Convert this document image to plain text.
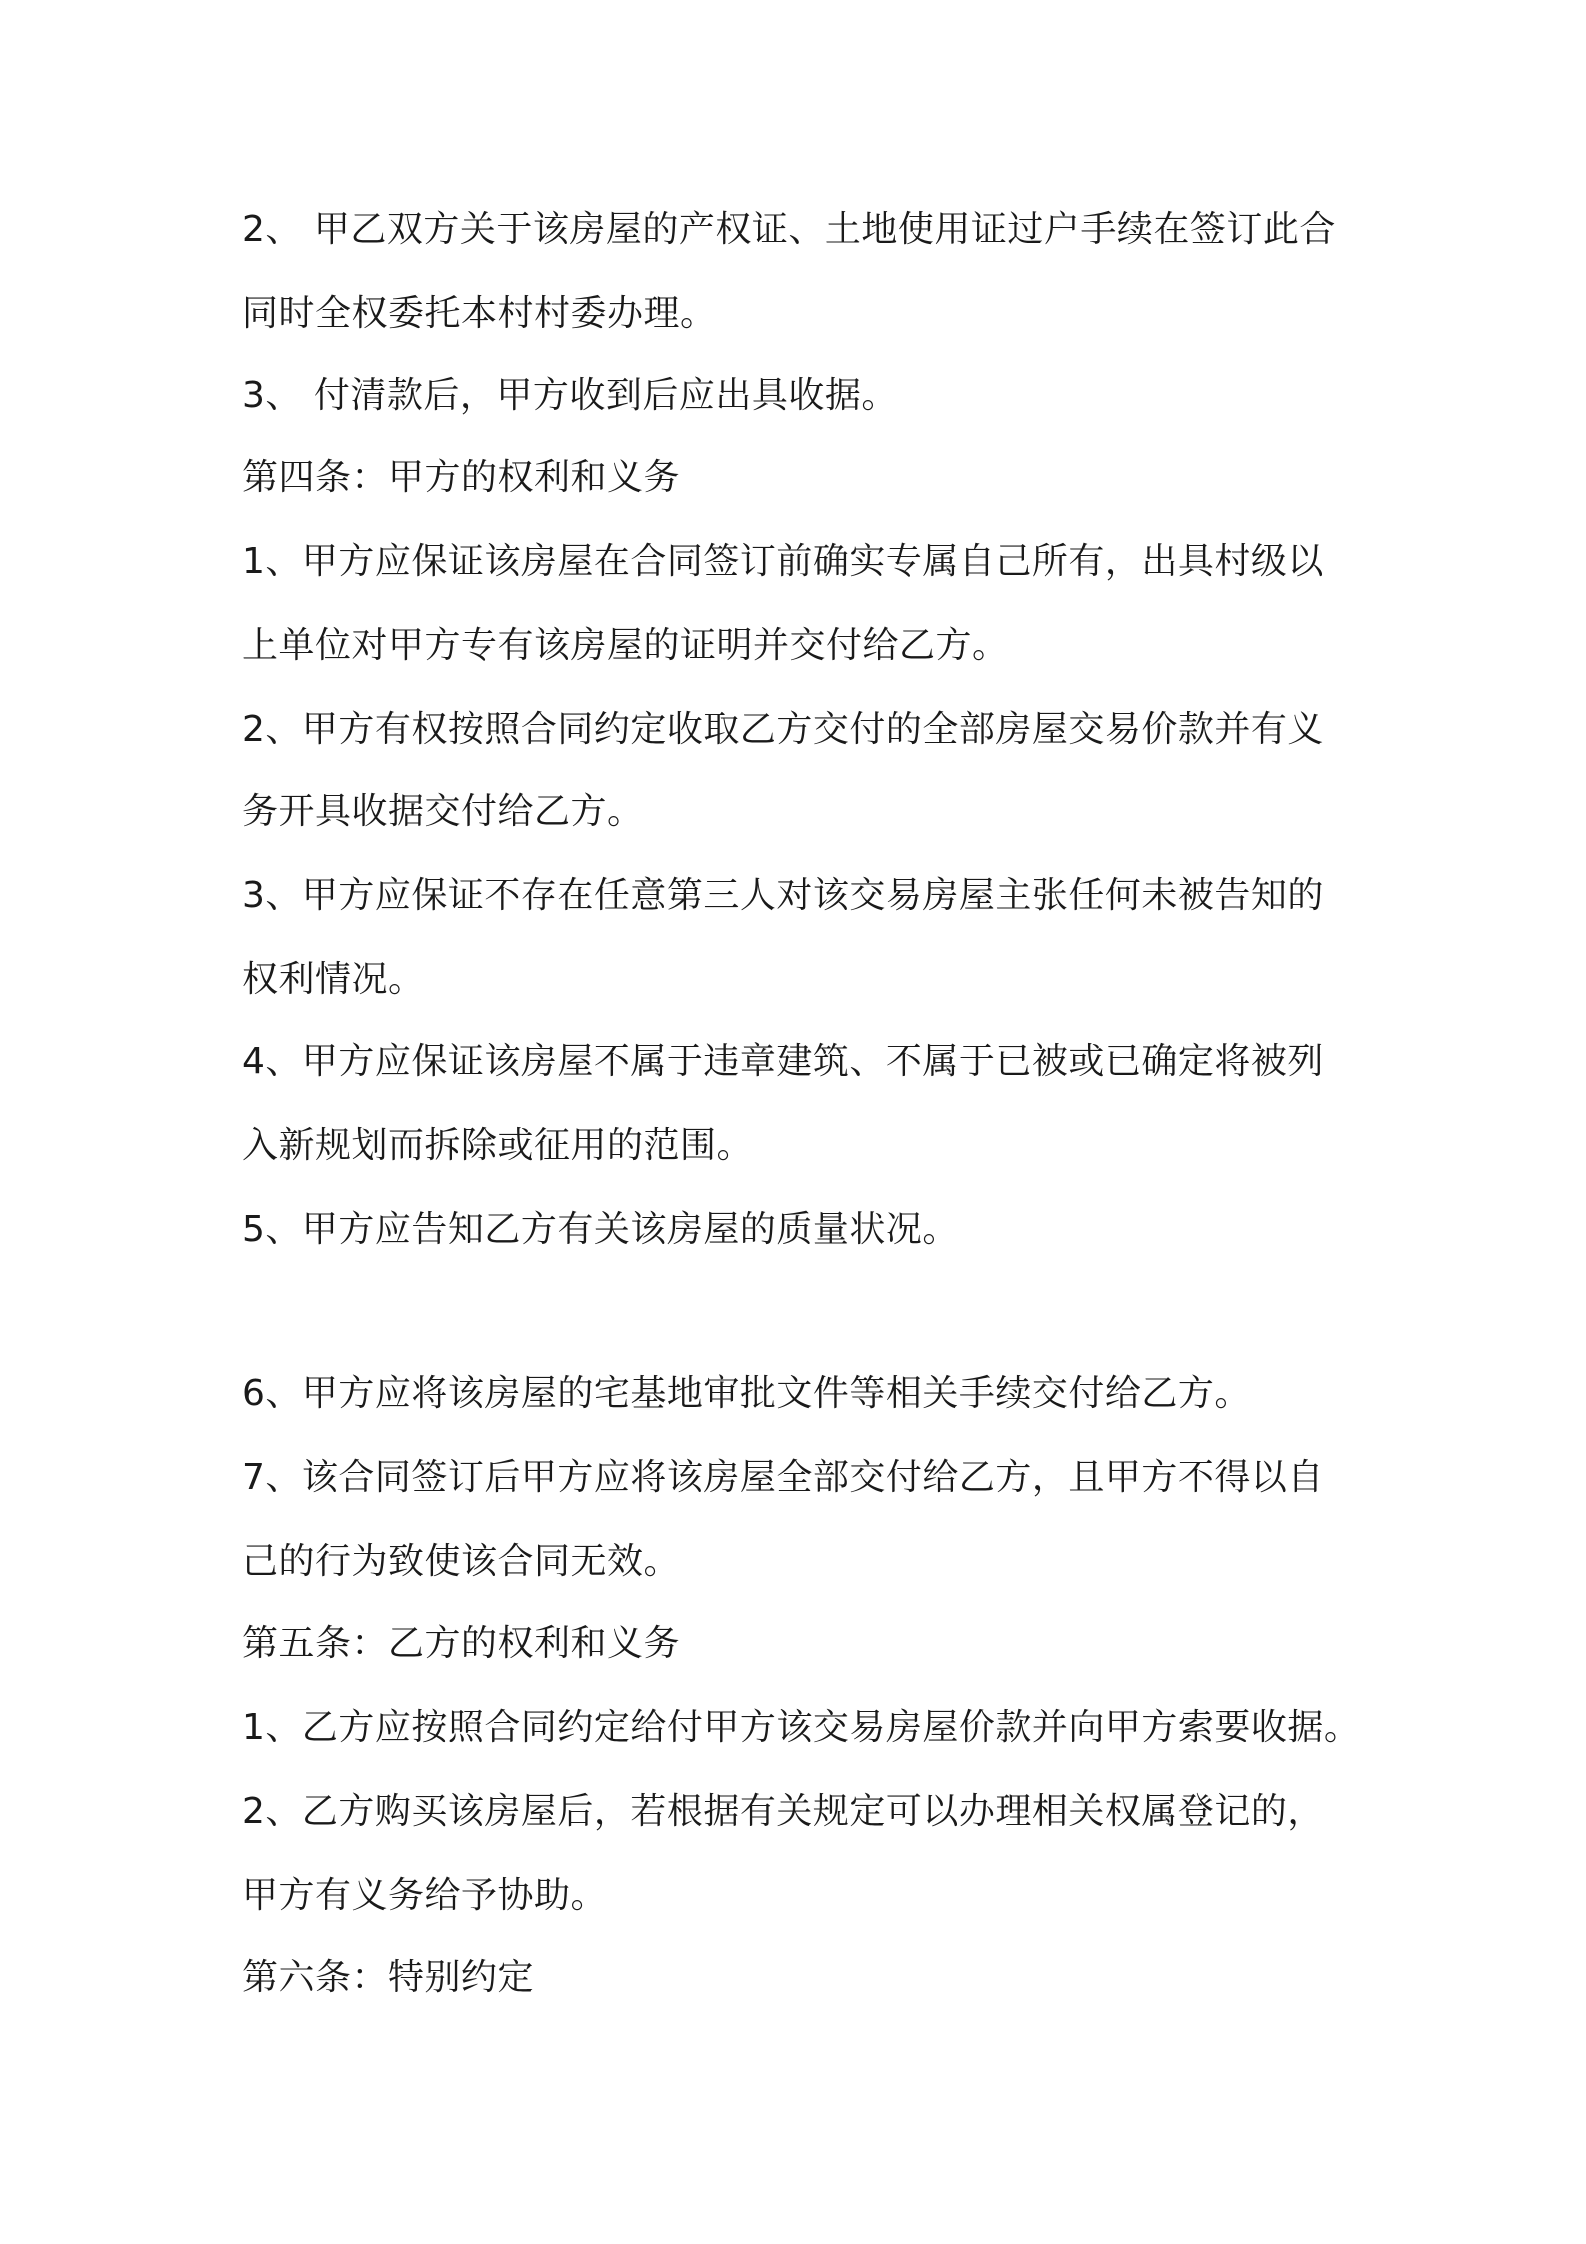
2、 甲乙双方关于该房屋的产权证、土地使用证过户手续在签订此合
同时全权委托本村村委办理。
3、 付清款后，甲方收到后应出具收据。
第四条：甲方的权利和义务
1、甲方应保证该房屋在合同签订前确实专属自己所有，出具村级以
上单位对甲方专有该房屋的证明并交付给乙方。
2、甲方有权按照合同约定收取乙方交付的全部房屋交易价款并有义
务开具收据交付给乙方。
3、甲方应保证不存在任意第三人对该交易房屋主张任何未被告知的
权利情况。
4、甲方应保证该房屋不属于违章建筑、不属于已被或已确定将被列
入新规划而拆除或征用的范围。
5、甲方应告知乙方有关该房屋的质量状况。
6、甲方应将该房屋的宅基地审批文件等相关手续交付给乙方。
7、该合同签订后甲方应将该房屋全部交付给乙方，且甲方不得以自
己的行为致使该合同无效。
第五条：乙方的权利和义务
1、乙方应按照合同约定给付甲方该交易房屋价款并向甲方索要收据。
2、乙方购买该房屋后，若根据有关规定可以办理相关权属登记的，
甲方有义务给予协助。
第六条：特别约定
